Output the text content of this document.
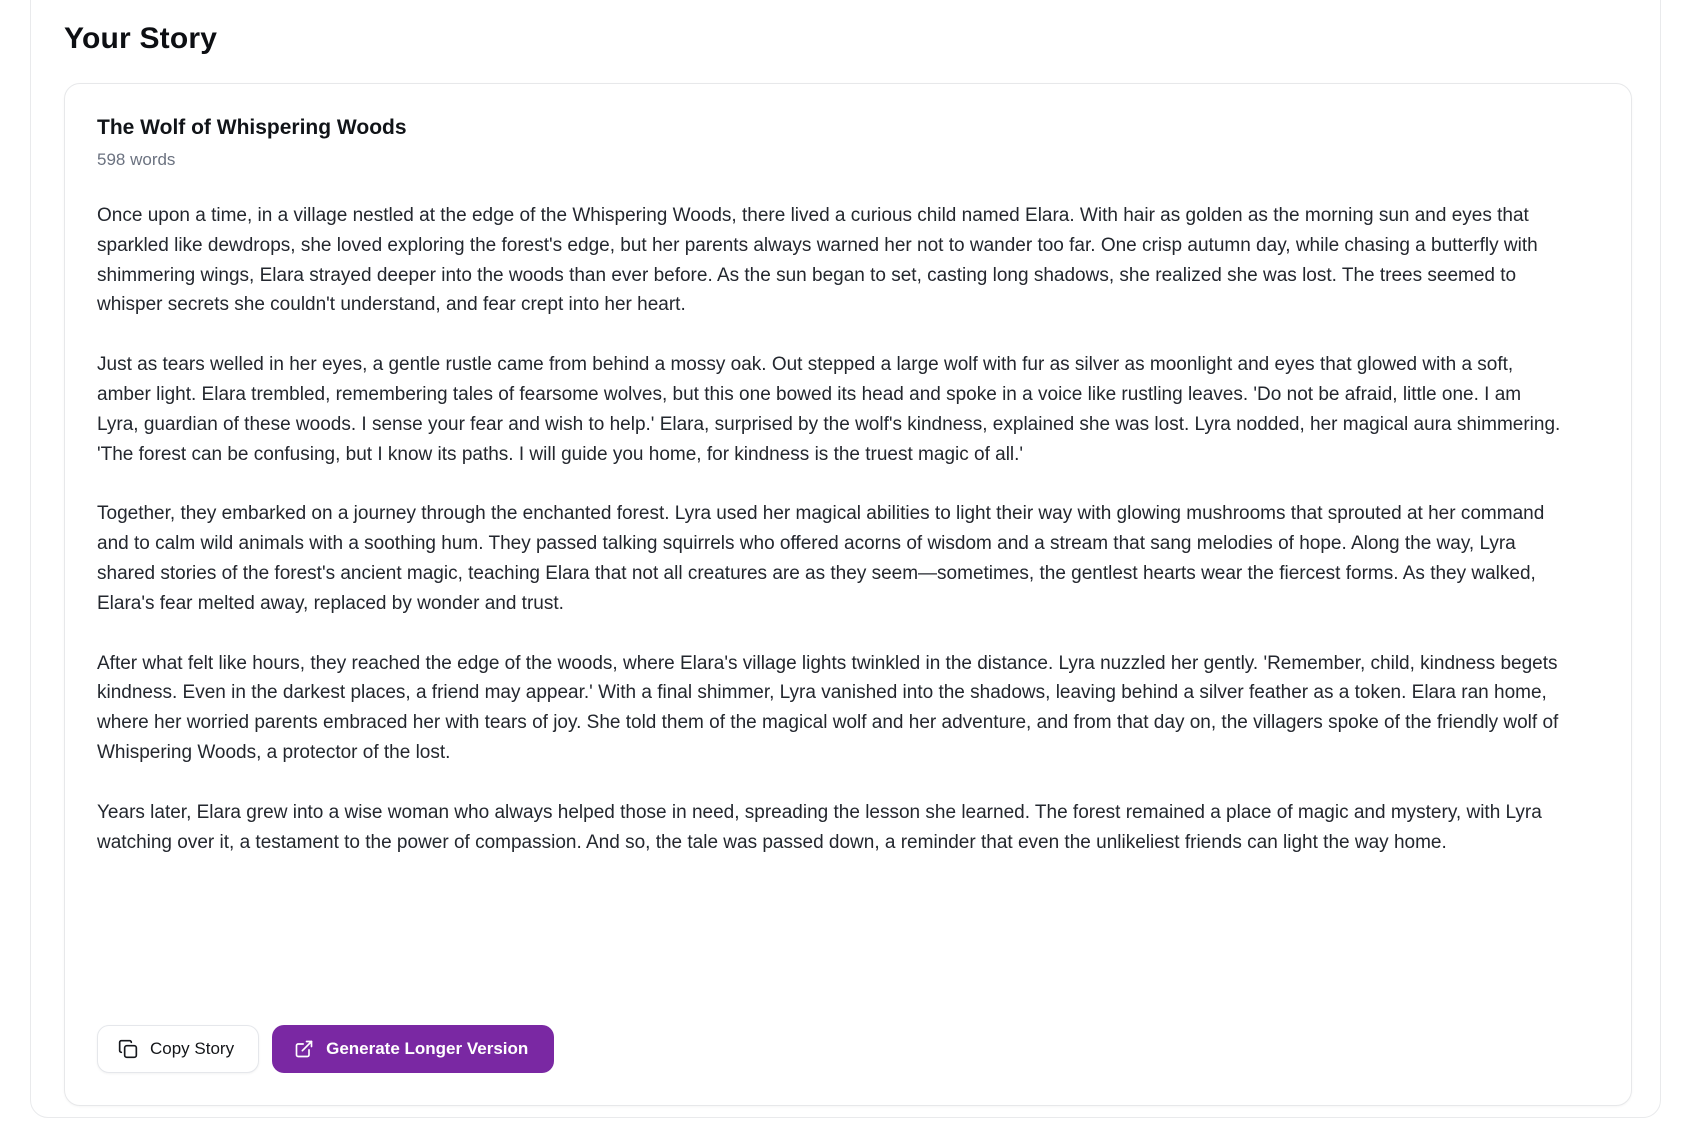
Your Story
The Wolf of Whispering Woods
598 words

Once upon a time, in a village nestled at the edge of the Whispering Woods, there lived a curious child named Elara. With hair as golden as the morning sun and eyes that sparkled like dewdrops, she loved exploring the forest's edge, but her parents always warned her not to wander too far. One crisp autumn day, while chasing a butterfly with shimmering wings, Elara strayed deeper into the woods than ever before. As the sun began to set, casting long shadows, she realized she was lost. The trees seemed to whisper secrets she couldn't understand, and fear crept into her heart.

Just as tears welled in her eyes, a gentle rustle came from behind a mossy oak. Out stepped a large wolf with fur as silver as moonlight and eyes that glowed with a soft, amber light. Elara trembled, remembering tales of fearsome wolves, but this one bowed its head and spoke in a voice like rustling leaves. 'Do not be afraid, little one. I am Lyra, guardian of these woods. I sense your fear and wish to help.' Elara, surprised by the wolf's kindness, explained she was lost. Lyra nodded, her magical aura shimmering. 'The forest can be confusing, but I know its paths. I will guide you home, for kindness is the truest magic of all.'

Together, they embarked on a journey through the enchanted forest. Lyra used her magical abilities to light their way with glowing mushrooms that sprouted at her command and to calm wild animals with a soothing hum. They passed talking squirrels who offered acorns of wisdom and a stream that sang melodies of hope. Along the way, Lyra shared stories of the forest's ancient magic, teaching Elara that not all creatures are as they seem—sometimes, the gentlest hearts wear the fiercest forms. As they walked, Elara's fear melted away, replaced by wonder and trust.

After what felt like hours, they reached the edge of the woods, where Elara's village lights twinkled in the distance. Lyra nuzzled her gently. 'Remember, child, kindness begets kindness. Even in the darkest places, a friend may appear.' With a final shimmer, Lyra vanished into the shadows, leaving behind a silver feather as a token. Elara ran home, where her worried parents embraced her with tears of joy. She told them of the magical wolf and her adventure, and from that day on, the villagers spoke of the friendly wolf of Whispering Woods, a protector of the lost.

Years later, Elara grew into a wise woman who always helped those in need, spreading the lesson she learned. The forest remained a place of magic and mystery, with Lyra watching over it, a testament to the power of compassion. And so, the tale was passed down, a reminder that even the unlikeliest friends can light the way home.

Copy Story	Generate Longer Version
